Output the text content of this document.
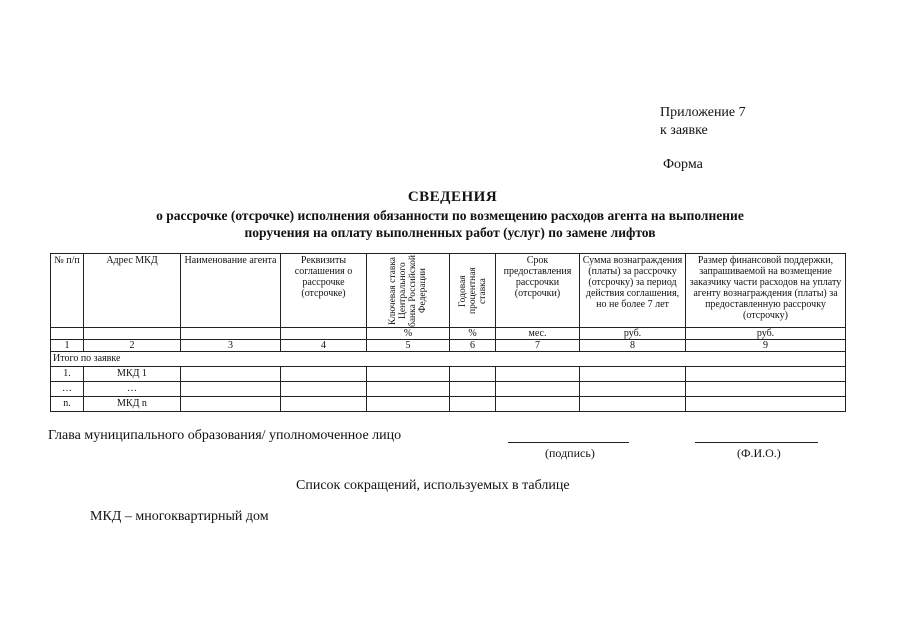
Приложение 7
к заявке
Форма
СВЕДЕНИЯ
о рассрочке (отсрочке) исполнения обязанности по возмещению расходов агента на выполнение
поручения на оплату выполненных работ (услуг) по замене лифтов
№ п/п	Адрес МКД	Наименование агента	Реквизиты соглашения о рассрочке (отсрочке)	Ключевая ставка Центрального банка Российской Федерации	Годовая процентная ставка	Срок предоставления рассрочки (отсрочки)	Сумма вознаграждения (платы) за рассрочку (отсрочку) за период действия соглашения, но не более 7 лет	Размер финансовой поддержки, запрашиваемой на возмещение заказчику части расходов на уплату агенту вознаграждения (платы) за предоставленную рассрочку (отсрочку)
				%	%	мес.	руб.	руб.
1	2	3	4	5	6	7	8	9
Итого по заявке								
1.	МКД 1							
…	…							
n.	МКД n							
Глава муниципального образования/ уполномоченное лицо
(подпись)	(Ф.И.О.)
Список сокращений, используемых в таблице
МКД – многоквартирный дом
